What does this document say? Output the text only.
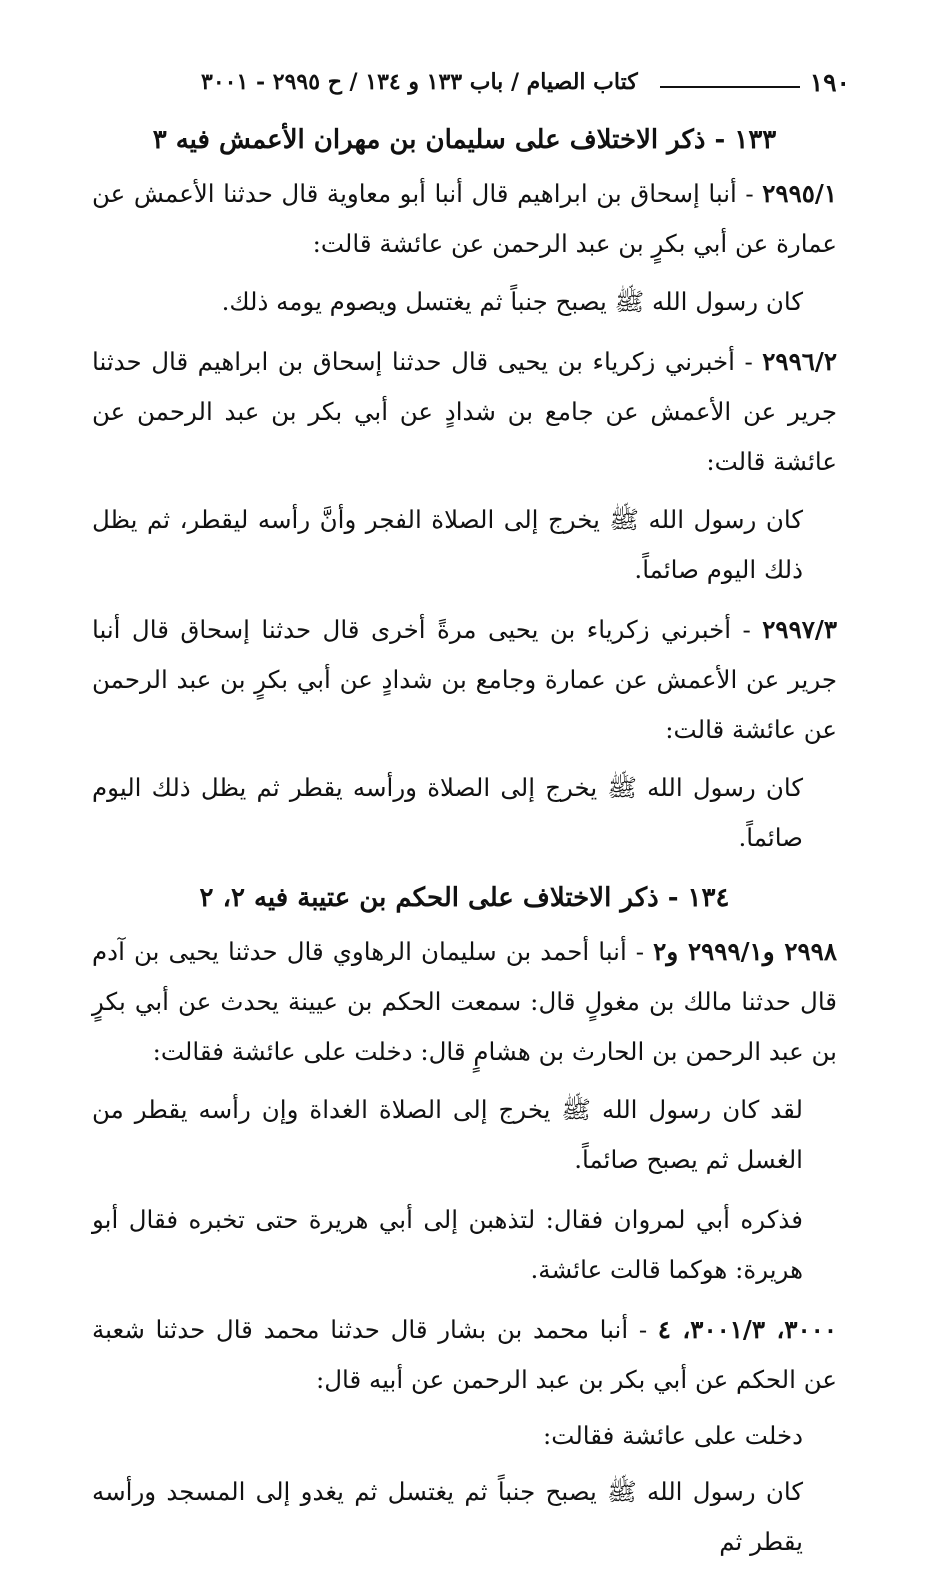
١٩٠
كتاب الصيام / باب ١٣٣ و ١٣٤ / ح ٢٩٩٥ - ٣٠٠١

١٣٣ - ذكر الاختلاف على سليمان بن مهران الأعمش فيه ٣

٢٩٩٥/١ - أنبا إسحاق بن ابراهيم قال أنبا أبو معاوية قال حدثنا الأعمش عن عمارة عن أبي بكرٍ بن عبد الرحمن عن عائشة قالت:

كان رسول الله ﷺ يصبح جنباً ثم يغتسل ويصوم يومه ذلك.

٢٩٩٦/٢ - أخبرني زكرياء بن يحيى قال حدثنا إسحاق بن ابراهيم قال حدثنا جرير عن الأعمش عن جامع بن شدادٍ عن أبي بكر بن عبد الرحمن عن عائشة قالت:

كان رسول الله ﷺ يخرج إلى الصلاة الفجر وأنَّ رأسه ليقطر، ثم يظل ذلك اليوم صائماً.

٢٩٩٧/٣ - أخبرني زكرياء بن يحيى مرةً أخرى قال حدثنا إسحاق قال أنبا جرير عن الأعمش عن عمارة وجامع بن شدادٍ عن أبي بكرٍ بن عبد الرحمن عن عائشة قالت:

كان رسول الله ﷺ يخرج إلى الصلاة ورأسه يقطر ثم يظل ذلك اليوم صائماً.

١٣٤ - ذكر الاختلاف على الحكم بن عتيبة فيه ٢، ٢

٢٩٩٨ و٢٩٩٩/١ و٢ - أنبا أحمد بن سليمان الرهاوي قال حدثنا يحيى بن آدم قال حدثنا مالك بن مغولٍ قال: سمعت الحكم بن عيينة يحدث عن أبي بكرٍ بن عبد الرحمن بن الحارث بن هشامٍ قال: دخلت على عائشة فقالت:

لقد كان رسول الله ﷺ يخرج إلى الصلاة الغداة وإن رأسه يقطر من الغسل ثم يصبح صائماً.

فذكره أبي لمروان فقال: لتذهبن إلى أبي هريرة حتى تخبره فقال أبو هريرة: هوكما قالت عائشة.

٣٠٠٠، ٣٠٠١/٣، ٤ - أنبا محمد بن بشار قال حدثنا محمد قال حدثنا شعبة عن الحكم عن أبي بكر بن عبد الرحمن عن أبيه قال:

دخلت على عائشة فقالت:

كان رسول الله ﷺ يصبح جنباً ثم يغتسل ثم يغدو إلى المسجد ورأسه يقطر ثم
